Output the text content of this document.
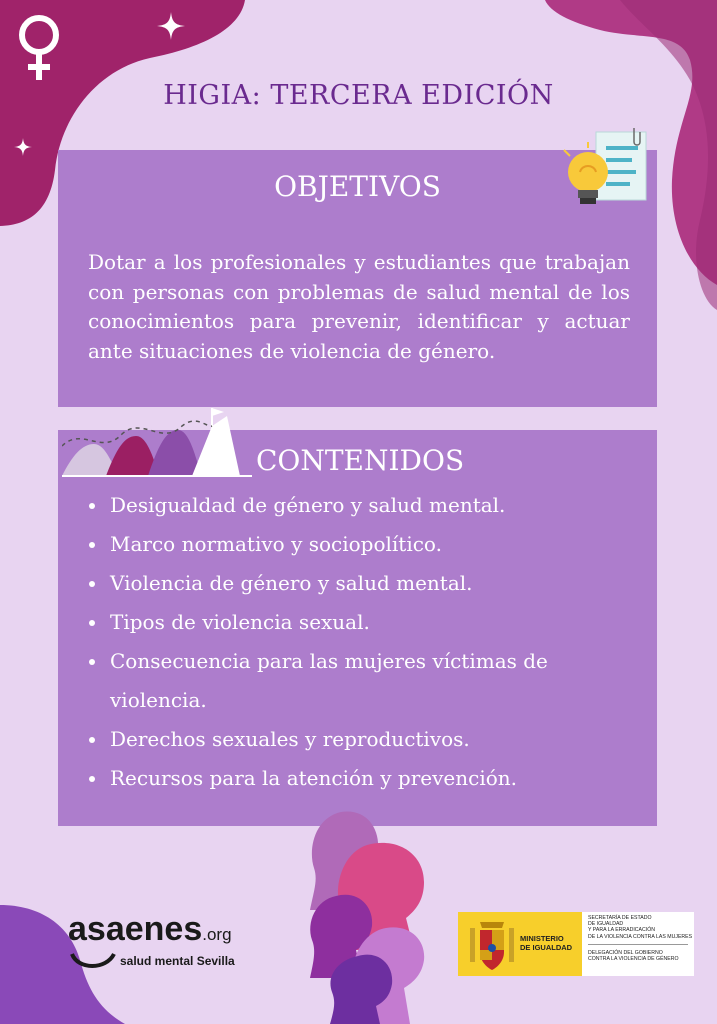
HIGIA: TERCERA EDICIÓN
OBJETIVOS
Dotar a los profesionales y estudiantes que trabajan con personas con problemas de salud mental de los conocimientos para prevenir, identificar y actuar ante situaciones de violencia de género.
CONTENIDOS
• Desigualdad de género y salud mental.
• Marco normativo y sociopolítico.
• Violencia de género y salud mental.
• Tipos de violencia sexual.
• Consecuencia para las mujeres víctimas de violencia.
• Derechos sexuales y reproductivos.
• Recursos para la atención y prevención.
asaenes.org
salud mental Sevilla
MINISTERIO
DE IGUALDAD
SECRETARÍA DE ESTADO
DE IGUALDAD
Y PARA LA ERRADICACIÓN
DE LA VIOLENCIA CONTRA LAS MUJERES
DELEGACIÓN DEL GOBIERNO
CONTRA LA VIOLENCIA DE GÉNERO
